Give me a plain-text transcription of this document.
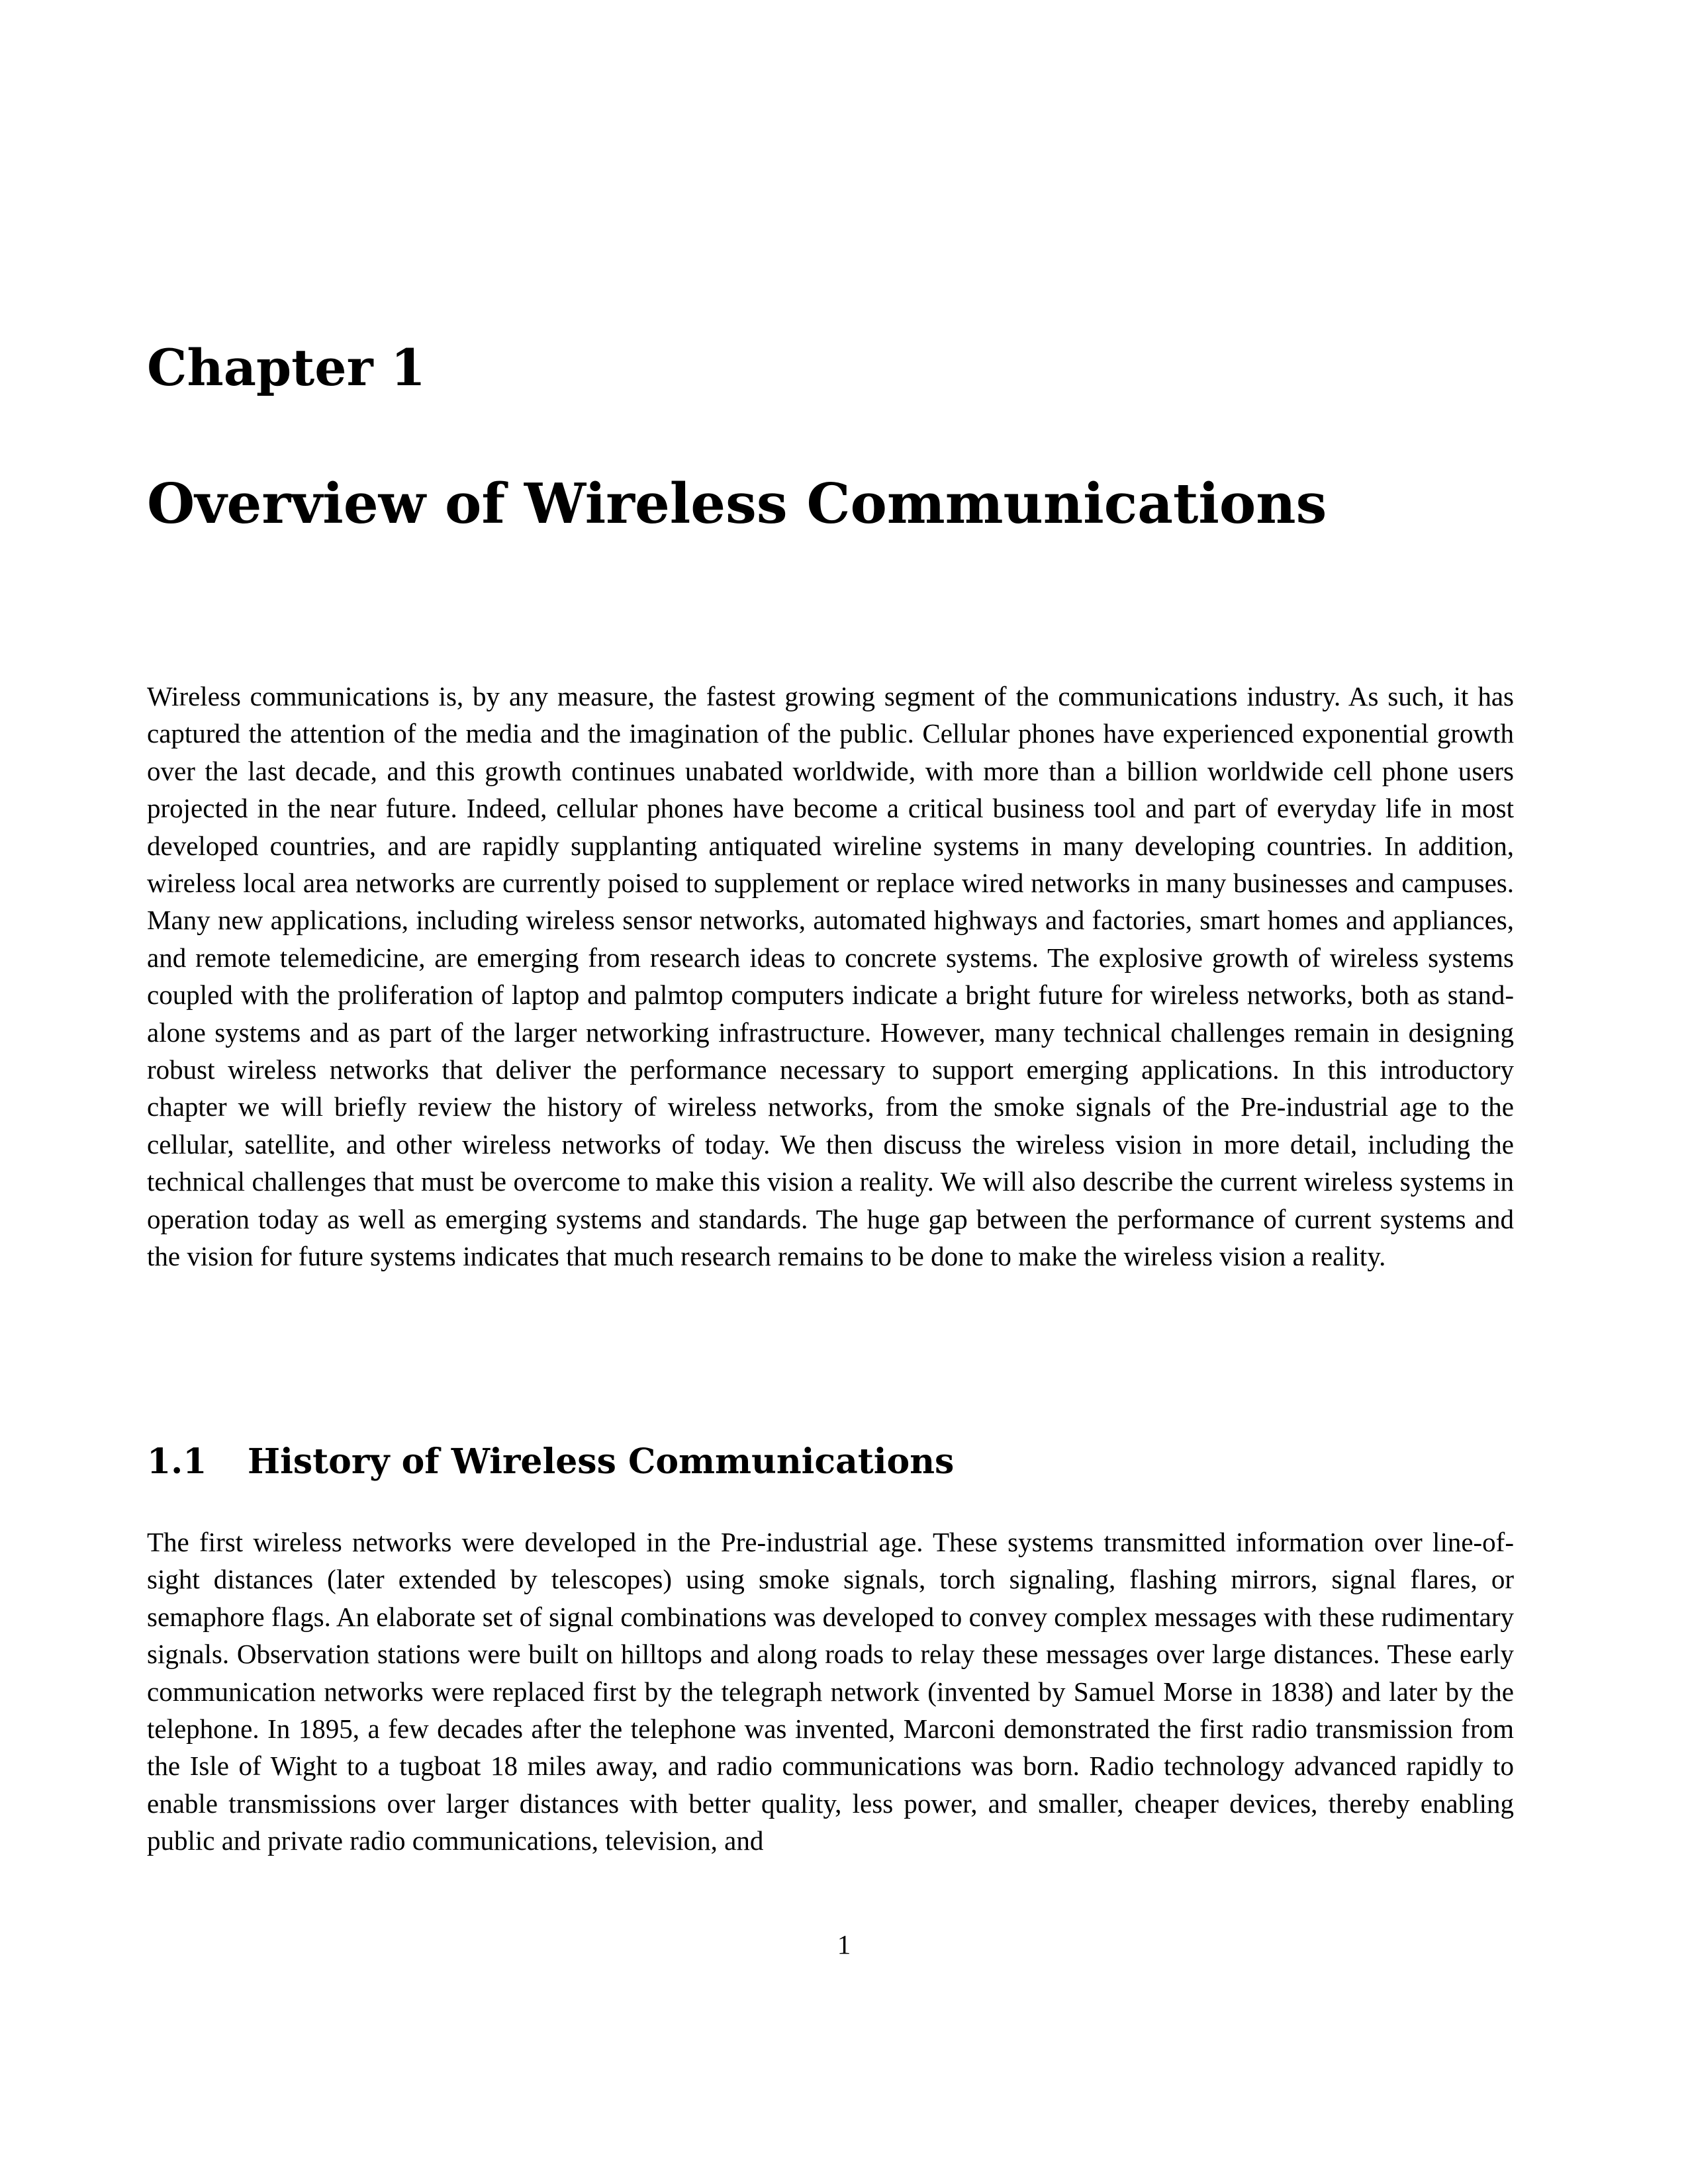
Chapter 1
Overview of Wireless Communications

Wireless communications is, by any measure, the fastest growing segment of the communications industry. As such, it has captured the attention of the media and the imagination of the public. Cellular phones have experienced exponential growth over the last decade, and this growth continues unabated worldwide, with more than a billion worldwide cell phone users projected in the near future. Indeed, cellular phones have become a critical business tool and part of everyday life in most developed countries, and are rapidly supplanting antiquated wireline systems in many developing countries. In addition, wireless local area networks are currently poised to supplement or replace wired networks in many businesses and campuses. Many new applications, including wireless sensor networks, automated highways and factories, smart homes and appliances, and remote telemedicine, are emerging from research ideas to concrete systems. The explosive growth of wireless systems coupled with the proliferation of laptop and palmtop computers indicate a bright future for wireless networks, both as stand-alone systems and as part of the larger networking infrastructure. However, many technical challenges remain in designing robust wireless networks that deliver the performance necessary to support emerging applications. In this introductory chapter we will briefly review the history of wireless networks, from the smoke signals of the Pre-industrial age to the cellular, satellite, and other wireless networks of today. We then discuss the wireless vision in more detail, including the technical challenges that must be overcome to make this vision a reality. We will also describe the current wireless systems in operation today as well as emerging systems and standards. The huge gap between the performance of current systems and the vision for future systems indicates that much research remains to be done to make the wireless vision a reality.

1.1 History of Wireless Communications

The first wireless networks were developed in the Pre-industrial age. These systems transmitted information over line-of-sight distances (later extended by telescopes) using smoke signals, torch signaling, flashing mirrors, signal flares, or semaphore flags. An elaborate set of signal combinations was developed to convey complex messages with these rudimentary signals. Observation stations were built on hilltops and along roads to relay these messages over large distances. These early communication networks were replaced first by the telegraph network (invented by Samuel Morse in 1838) and later by the telephone. In 1895, a few decades after the telephone was invented, Marconi demonstrated the first radio transmission from the Isle of Wight to a tugboat 18 miles away, and radio communications was born. Radio technology advanced rapidly to enable transmissions over larger distances with better quality, less power, and smaller, cheaper devices, thereby enabling public and private radio communications, television, and

1
